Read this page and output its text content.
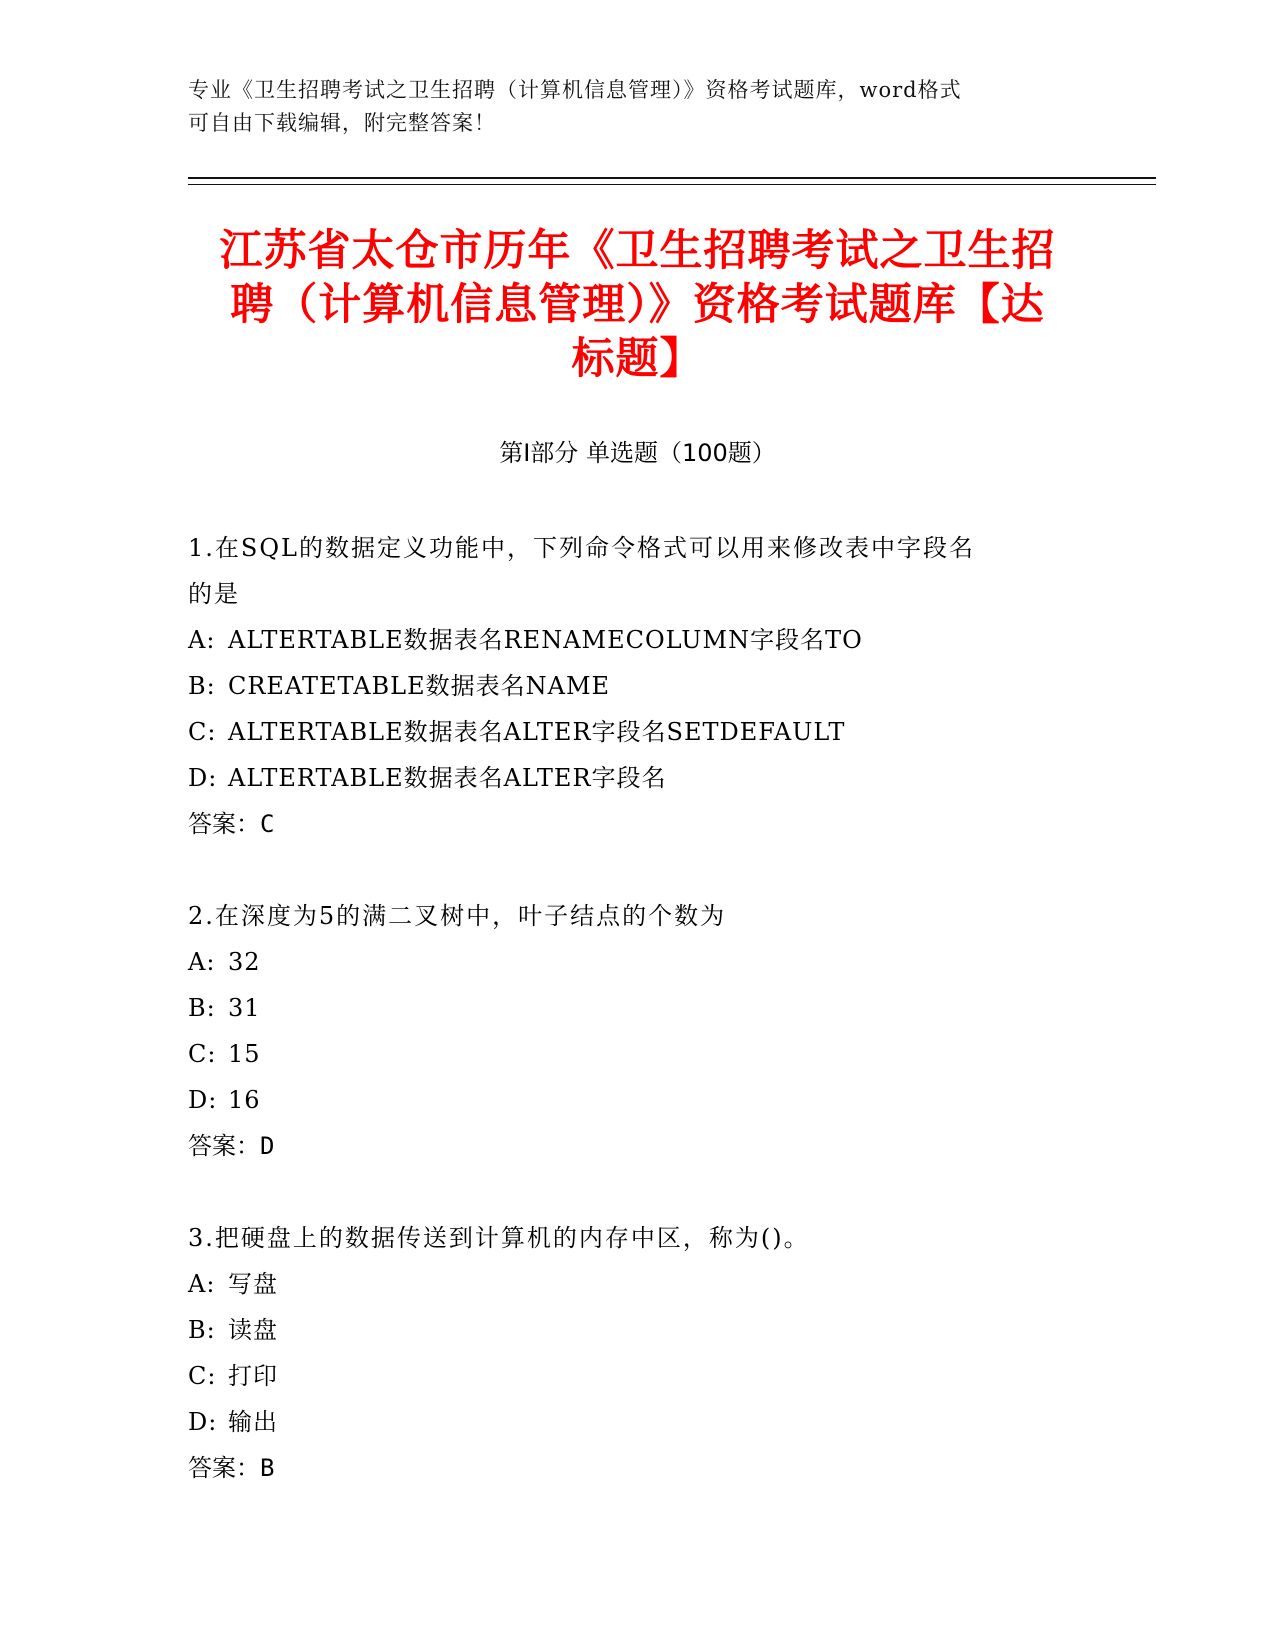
专业《卫生招聘考试之卫生招聘（计算机信息管理）》资格考试题库，word格式
可自由下载编辑，附完整答案！
江苏省太仓市历年《卫生招聘考试之卫生招
聘（计算机信息管理）》资格考试题库【达
标题】
第I部分 单选题（100题）

1.在SQL的数据定义功能中，下列命令格式可以用来修改表中字段名

的是

A: ALTERTABLE数据表名RENAMECOLUMN字段名TO

B: CREATETABLE数据表名NAME

C: ALTERTABLE数据表名ALTER字段名SETDEFAULT

D: ALTERTABLE数据表名ALTER字段名

答案：C

2.在深度为5的满二叉树中，叶子结点的个数为

A: 32

B: 31

C: 15

D: 16

答案：D

3.把硬盘上的数据传送到计算机的内存中区，称为()。

A: 写盘

B: 读盘

C: 打印

D: 输出

答案：B
